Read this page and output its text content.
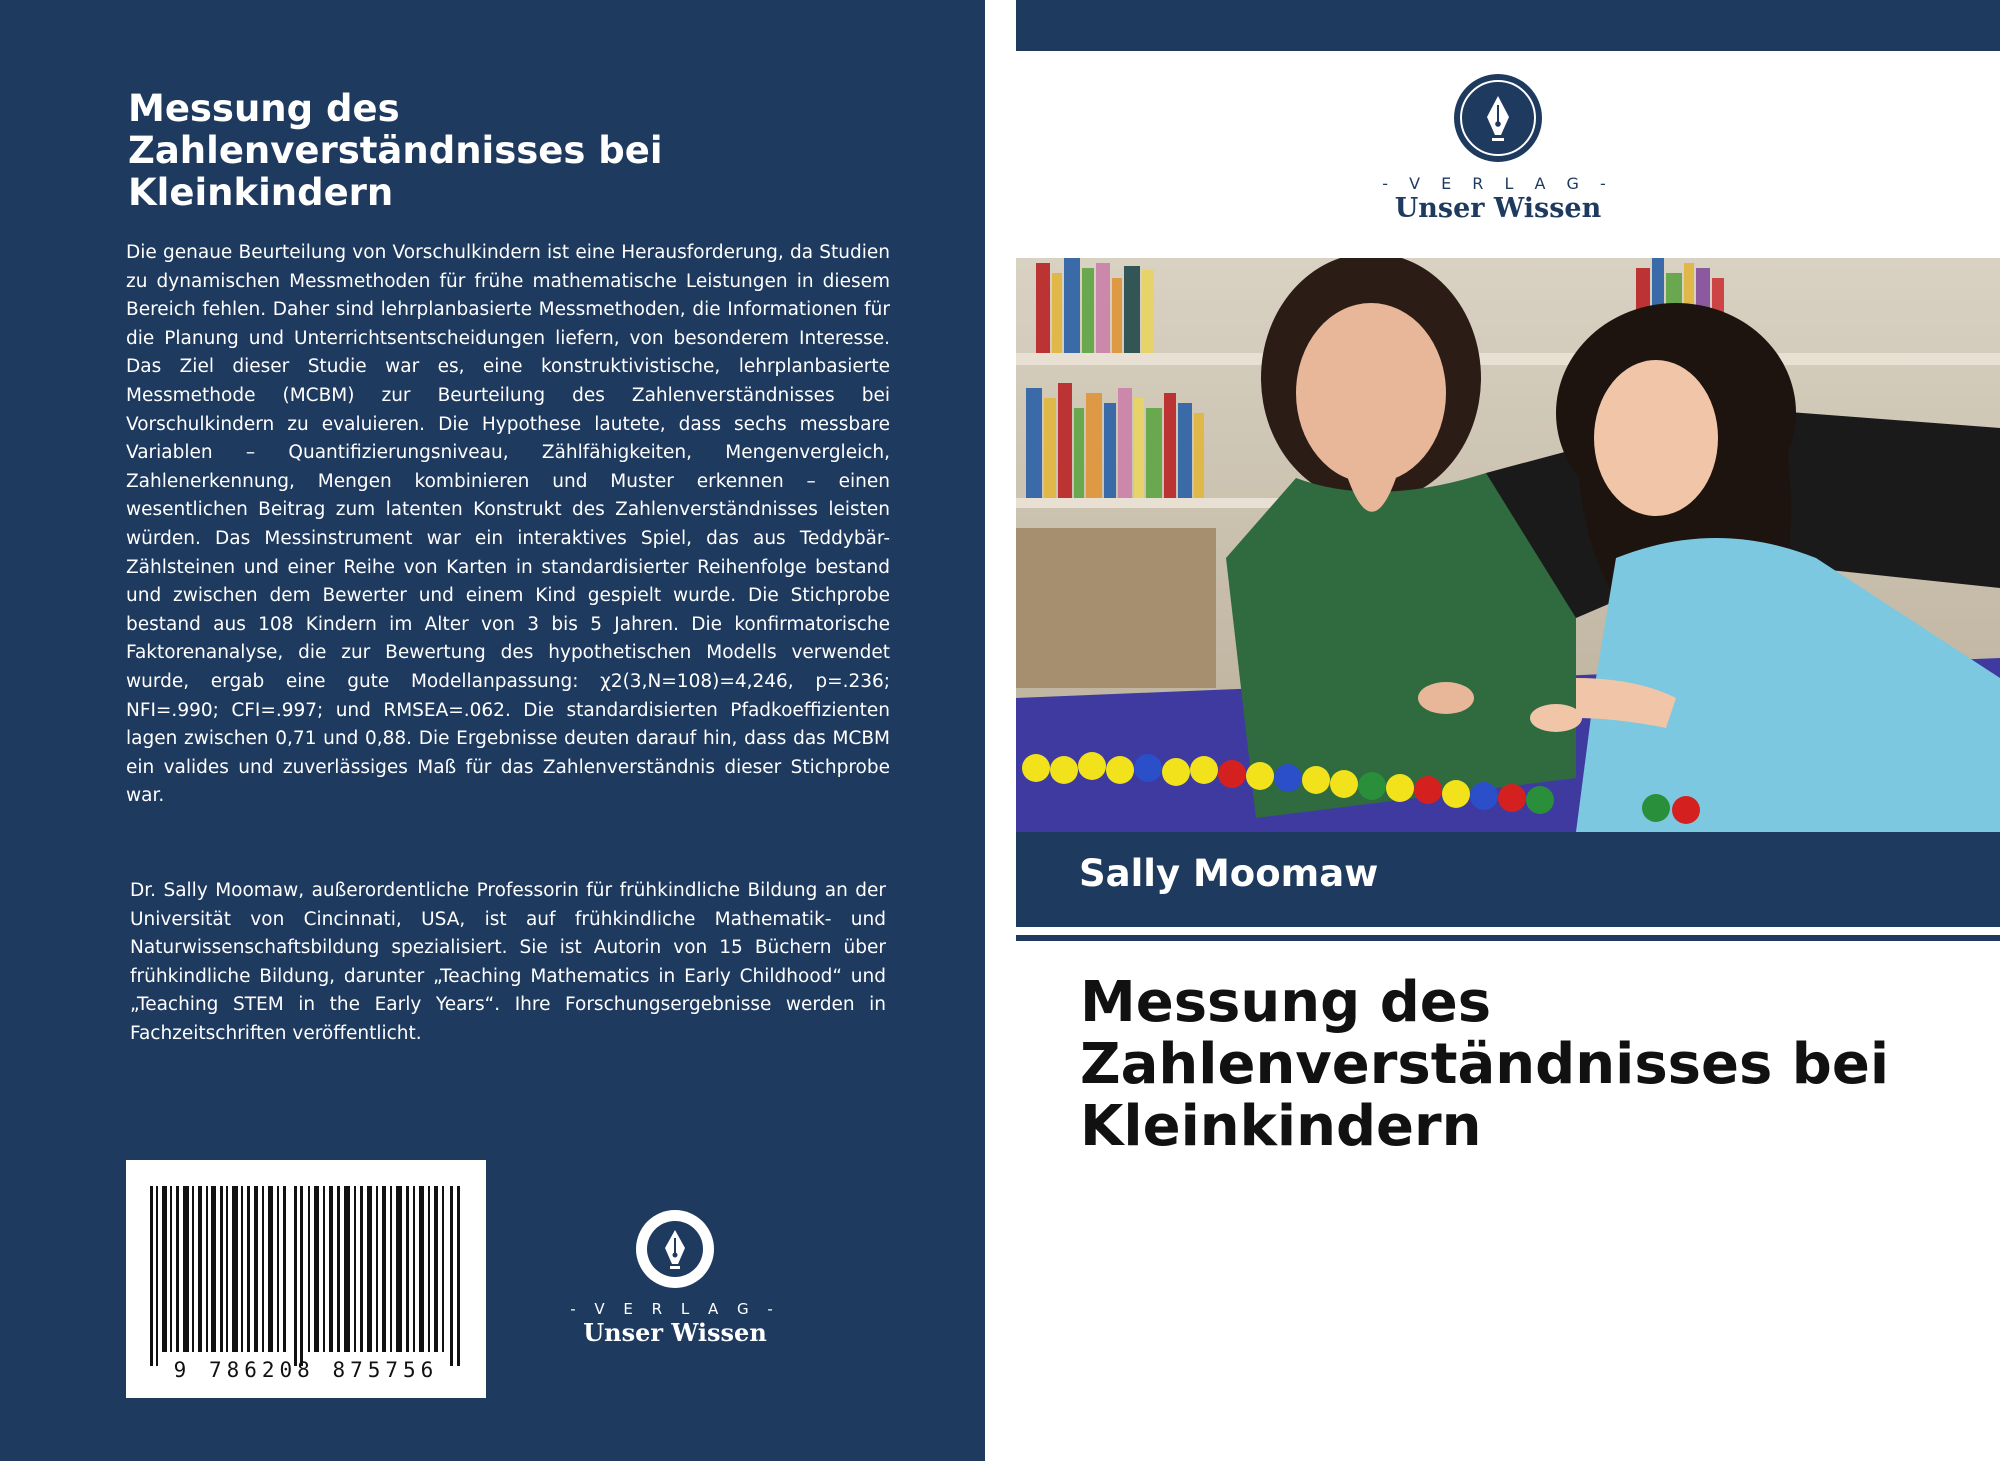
Messung des Zahlenverständnisses bei Kleinkindern

Die genaue Beurteilung von Vorschulkindern ist eine Herausforderung, da Studien zu dynamischen Messmethoden für frühe mathematische Leistungen in diesem Bereich fehlen. Daher sind lehrplanbasierte Messmethoden, die Informationen für die Planung und Unterrichtsentscheidungen liefern, von besonderem Interesse. Das Ziel dieser Studie war es, eine konstruktivistische, lehrplanbasierte Messmethode (MCBM) zur Beurteilung des Zahlenverständnisses bei Vorschulkindern zu evaluieren. Die Hypothese lautete, dass sechs messbare Variablen – Quantifizierungsniveau, Zählfähigkeiten, Mengenvergleich, Zahlenerkennung, Mengen kombinieren und Muster erkennen – einen wesentlichen Beitrag zum latenten Konstrukt des Zahlenverständnisses leisten würden. Das Messinstrument war ein interaktives Spiel, das aus Teddybär-Zählsteinen und einer Reihe von Karten in standardisierter Reihenfolge bestand und zwischen dem Bewerter und einem Kind gespielt wurde. Die Stichprobe bestand aus 108 Kindern im Alter von 3 bis 5 Jahren. Die konfirmatorische Faktorenanalyse, die zur Bewertung des hypothetischen Modells verwendet wurde, ergab eine gute Modellanpassung: χ2(3,N=108)=4,246, p=.236; NFI=.990; CFI=.997; und RMSEA=.062. Die standardisierten Pfadkoeffizienten lagen zwischen 0,71 und 0,88. Die Ergebnisse deuten darauf hin, dass das MCBM ein valides und zuverlässiges Maß für das Zahlenverständnis dieser Stichprobe war.

Dr. Sally Moomaw, außerordentliche Professorin für frühkindliche Bildung an der Universität von Cincinnati, USA, ist auf frühkindliche Mathematik- und Naturwissenschaftsbildung spezialisiert. Sie ist Autorin von 15 Büchern über frühkindliche Bildung, darunter „Teaching Mathematics in Early Childhood“ und „Teaching STEM in the Early Years“. Ihre Forschungsergebnisse werden in Fachzeitschriften veröffentlicht.

9 786208 875756
- V E R L A G -
Unser Wissen
- V E R L A G -
Unser Wissen

Sally Moomaw

Messung des Zahlenverständnisses bei Kleinkindern
